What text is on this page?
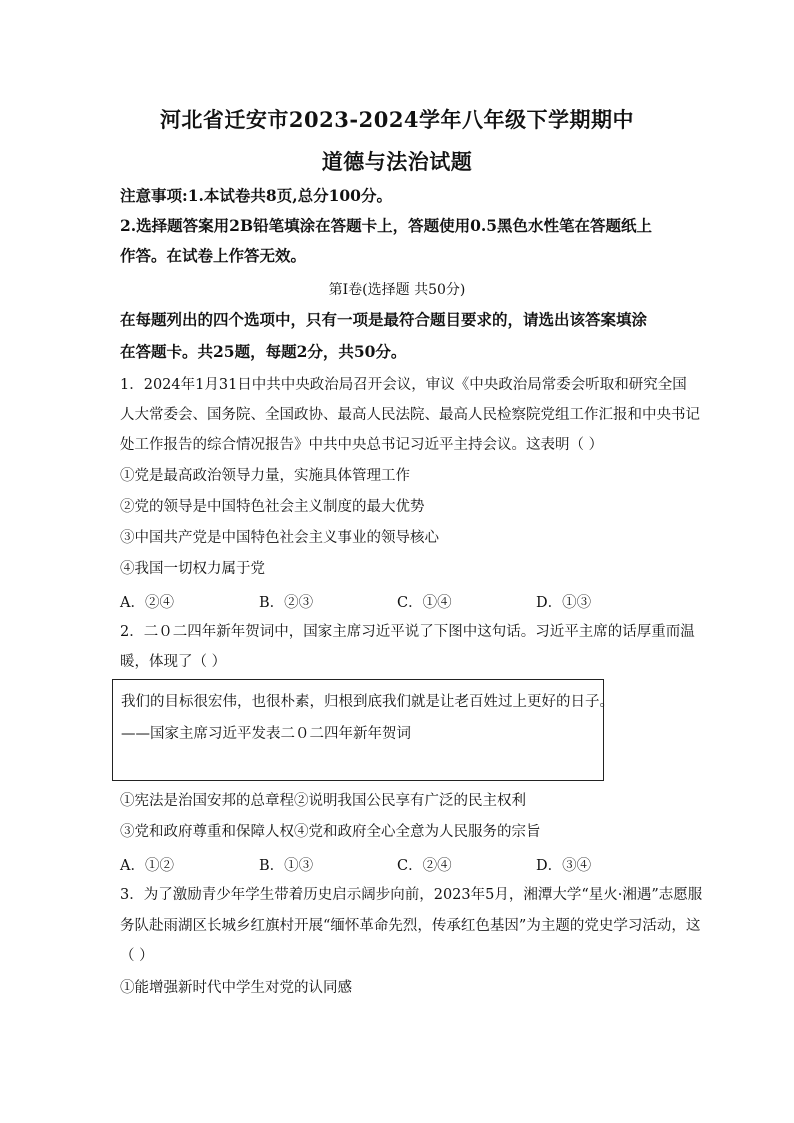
河北省迁安市2023-2024学年八年级下学期期中
道德与法治试题
注意事项:1.本试卷共8页,总分100分。
2.选择题答案用2B铅笔填涂在答题卡上，答题使用0.5黑色水性笔在答题纸上
作答。在试卷上作答无效。
第Ⅰ卷(选择题 共50分)
在每题列出的四个选项中，只有一项是最符合题目要求的，请选出该答案填涂
在答题卡。共25题，每题2分，共50分。
1．2024年1月31日中共中央政治局召开会议，审议《中央政治局常委会听取和研究全国
人大常委会、国务院、全国政协、最高人民法院、最高人民检察院党组工作汇报和中央书记
处工作报告的综合情况报告》中共中央总书记习近平主持会议。这表明（ ）
①党是最高政治领导力量，实施具体管理工作
②党的领导是中国特色社会主义制度的最大优势
③中国共产党是中国特色社会主义事业的领导核心
④我国一切权力属于党
A．②④	B．②③	C．①④	D．①③
2．二０二四年新年贺词中，国家主席习近平说了下图中这句话。习近平主席的话厚重而温
暖，体现了（ ）
我们的目标很宏伟，也很朴素，归根到底我们就是让老百姓过上更好的日子。
——国家主席习近平发表二０二四年新年贺词
①宪法是治国安邦的总章程②说明我国公民享有广泛的民主权利
③党和政府尊重和保障人权④党和政府全心全意为人民服务的宗旨
A．①②	B．①③	C．②④	D．③④
3．为了激励青少年学生带着历史启示阔步向前，2023年5月，湘潭大学“星火·湘遇”志愿服
务队赴雨湖区长城乡红旗村开展“缅怀革命先烈，传承红色基因”为主题的党史学习活动，这
（ ）
①能增强新时代中学生对党的认同感
